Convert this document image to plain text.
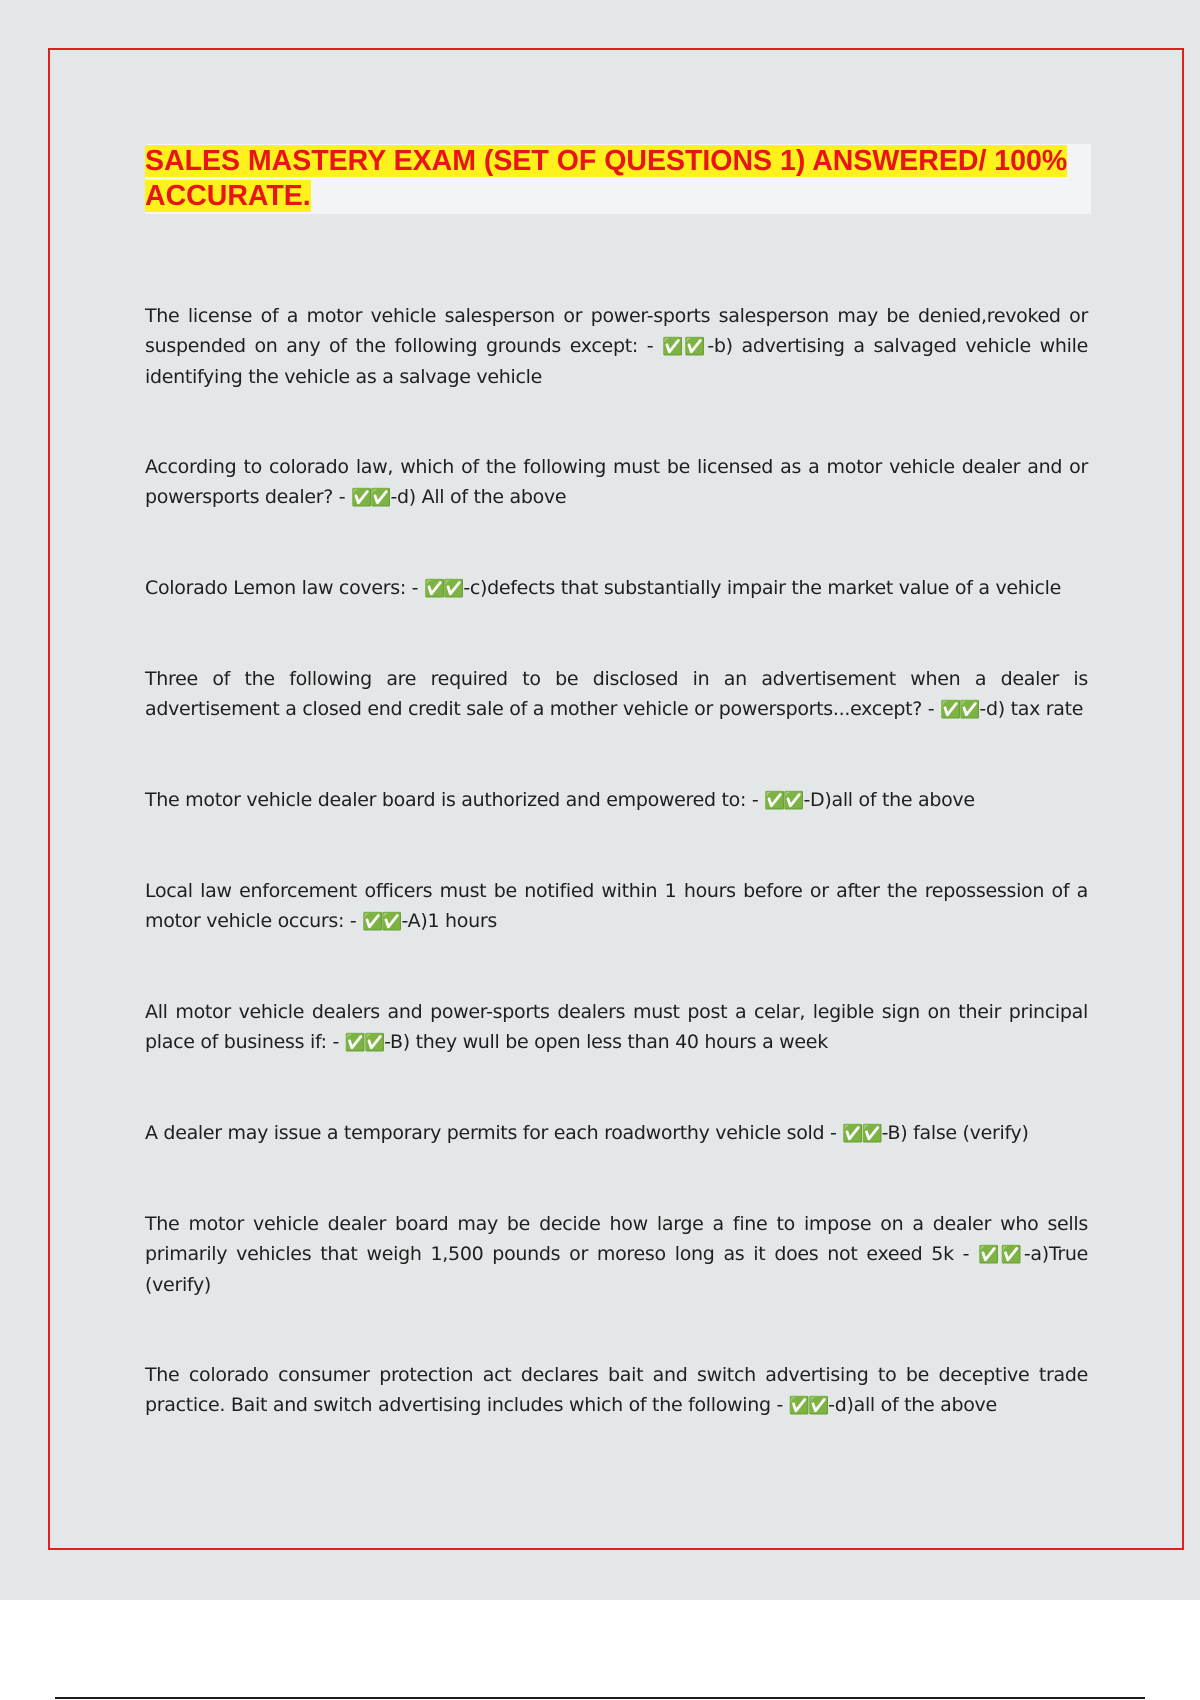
SALES MASTERY EXAM (SET OF QUESTIONS 1) ANSWERED/ 100%
ACCURATE.

The license of a motor vehicle salesperson or power-sports salesperson may be denied,revoked or suspended on any of the following grounds except: - ✅✅-b) advertising a salvaged vehicle while identifying the vehicle as a salvage vehicle
According to colorado law, which of the following must be licensed as a motor vehicle dealer and or powersports dealer? - ✅✅-d) All of the above
Colorado Lemon law covers: - ✅✅-c)defects that substantially impair the market value of a vehicle
Three of the following are required to be disclosed in an advertisement when a dealer is advertisement a closed end credit sale of a mother vehicle or powersports...except? - ✅✅-d) tax rate
The motor vehicle dealer board is authorized and empowered to: - ✅✅-D)all of the above
Local law enforcement officers must be notified within 1 hours before or after the repossession of a motor vehicle occurs: - ✅✅-A)1 hours
All motor vehicle dealers and power-sports dealers must post a celar, legible sign on their principal place of business if: - ✅✅-B) they wull be open less than 40 hours a week
A dealer may issue a temporary permits for each roadworthy vehicle sold - ✅✅-B) false (verify)
The motor vehicle dealer board may be decide how large a fine to impose on a dealer who sells primarily vehicles that weigh 1,500 pounds or moreso long as it does not exeed 5k - ✅✅-a)True (verify)
The colorado consumer protection act declares bait and switch advertising to be deceptive trade practice. Bait and switch advertising includes which of the following - ✅✅-d)all of the above
